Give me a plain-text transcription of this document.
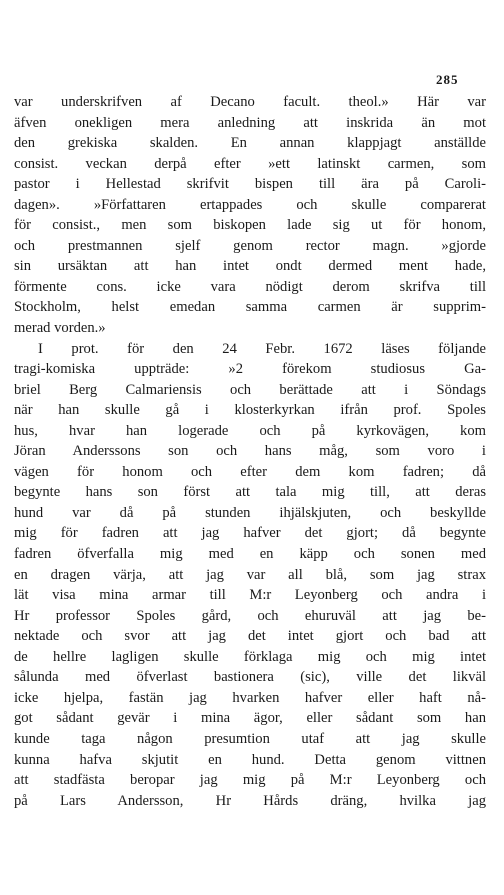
285
var underskrifven af Decano facult. theol.» Här var
äfven onekligen mera anledning att inskrida än mot
den grekiska skalden. En annan klappjagt anställde
consist. veckan derpå efter »ett latinskt carmen, som
pastor i Hellestad skrifvit bispen till ära på Caroli-
dagen». »Författaren ertappades och skulle comparerat
för consist., men som biskopen lade sig ut för honom,
och prestmannen sjelf genom rector magn. »gjorde
sin ursäktan att han intet ondt dermed ment hade,
förmente cons. icke vara nödigt derom skrifva till
Stockholm, helst emedan samma carmen är supprim-
merad vorden.»
I prot. för den 24 Febr. 1672 läses följande
tragi-komiska uppträde: »2 förekom studiosus Ga-
briel Berg Calmariensis och berättade att i Söndags
när han skulle gå i klosterkyrkan ifrån prof. Spoles
hus, hvar han logerade och på kyrkovägen, kom
Jöran Anderssons son och hans måg, som voro i
vägen för honom och efter dem kom fadren; då
begynte hans son först att tala mig till, att deras
hund var då på stunden ihjälskjuten, och beskyllde
mig för fadren att jag hafver det gjort; då begynte
fadren öfverfalla mig med en käpp och sonen med
en dragen värja, att jag var all blå, som jag strax
lät visa mina armar till M:r Leyonberg och andra i
Hr professor Spoles gård, och ehuruväl att jag be-
nektade och svor att jag det intet gjort och bad att
de hellre lagligen skulle förklaga mig och mig intet
sålunda med öfverlast bastionera (sic), ville det likväl
icke hjelpa, fastän jag hvarken hafver eller haft nå-
got sådant gevär i mina ägor, eller sådant som han
kunde taga någon presumtion utaf att jag skulle
kunna hafva skjutit en hund. Detta genom vittnen
att stadfästa beropar jag mig på M:r Leyonberg och
på Lars Andersson, Hr Hårds dräng, hvilka jag
